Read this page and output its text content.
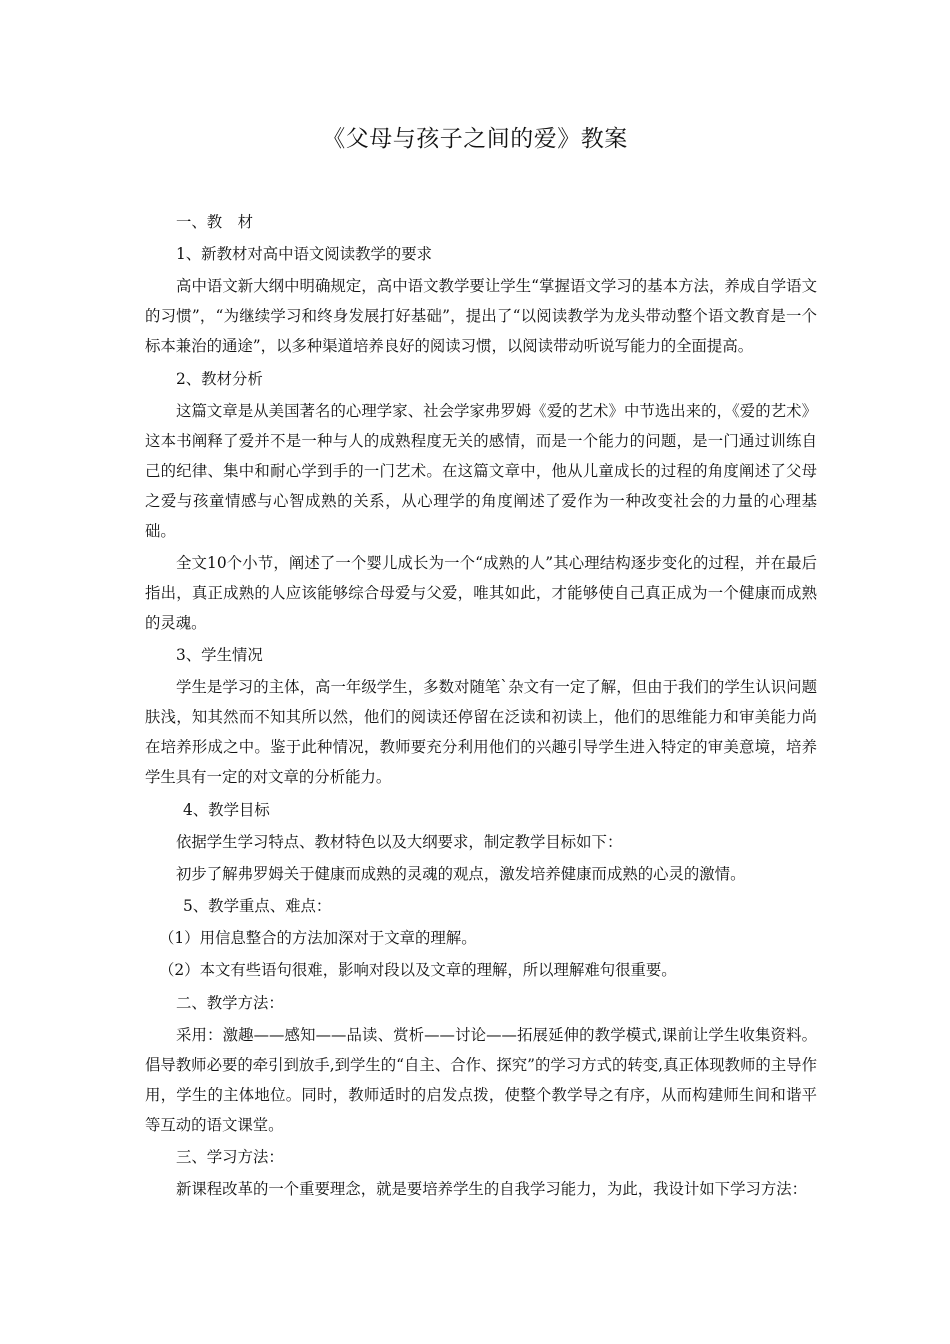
《父母与孩子之间的爱》教案

一、教　材

1、新教材对高中语文阅读教学的要求

高中语文新大纲中明确规定，高中语文教学要让学生“掌握语文学习的基本方法，养成自学语文的习惯”，“为继续学习和终身发展打好基础”，提出了“以阅读教学为龙头带动整个语文教育是一个标本兼治的通途”，以多种渠道培养良好的阅读习惯，以阅读带动听说写能力的全面提高。

2、教材分析

这篇文章是从美国著名的心理学家、社会学家弗罗姆《爱的艺术》中节选出来的，《爱的艺术》这本书阐释了爱并不是一种与人的成熟程度无关的感情，而是一个能力的问题，是一门通过训练自己的纪律、集中和耐心学到手的一门艺术。在这篇文章中，他从儿童成长的过程的角度阐述了父母之爱与孩童情感与心智成熟的关系，从心理学的角度阐述了爱作为一种改变社会的力量的心理基础。

全文10个小节，阐述了一个婴儿成长为一个“成熟的人”其心理结构逐步变化的过程，并在最后指出，真正成熟的人应该能够综合母爱与父爱，唯其如此，才能够使自己真正成为一个健康而成熟的灵魂。

3、学生情况

学生是学习的主体，高一年级学生，多数对随笔`杂文有一定了解，但由于我们的学生认识问题肤浅，知其然而不知其所以然，他们的阅读还停留在泛读和初读上，他们的思维能力和审美能力尚在培养形成之中。鉴于此种情况，教师要充分利用他们的兴趣引导学生进入特定的审美意境，培养学生具有一定的对文章的分析能力。

4、教学目标

依据学生学习特点、教材特色以及大纲要求，制定教学目标如下：

初步了解弗罗姆关于健康而成熟的灵魂的观点，激发培养健康而成熟的心灵的激情。

5、教学重点、难点：

（1）用信息整合的方法加深对于文章的理解。

（2）本文有些语句很难，影响对段以及文章的理解，所以理解难句很重要。

二、教学方法：

采用：激趣——感知——品读、赏析——讨论——拓展延伸的教学模式,课前让学生收集资料。倡导教师必要的牵引到放手,到学生的“自主、合作、探究”的学习方式的转变,真正体现教师的主导作用，学生的主体地位。同时，教师适时的启发点拨，使整个教学导之有序，从而构建师生间和谐平等互动的语文课堂。

三、学习方法：

新课程改革的一个重要理念，就是要培养学生的自我学习能力，为此，我设计如下学习方法：
